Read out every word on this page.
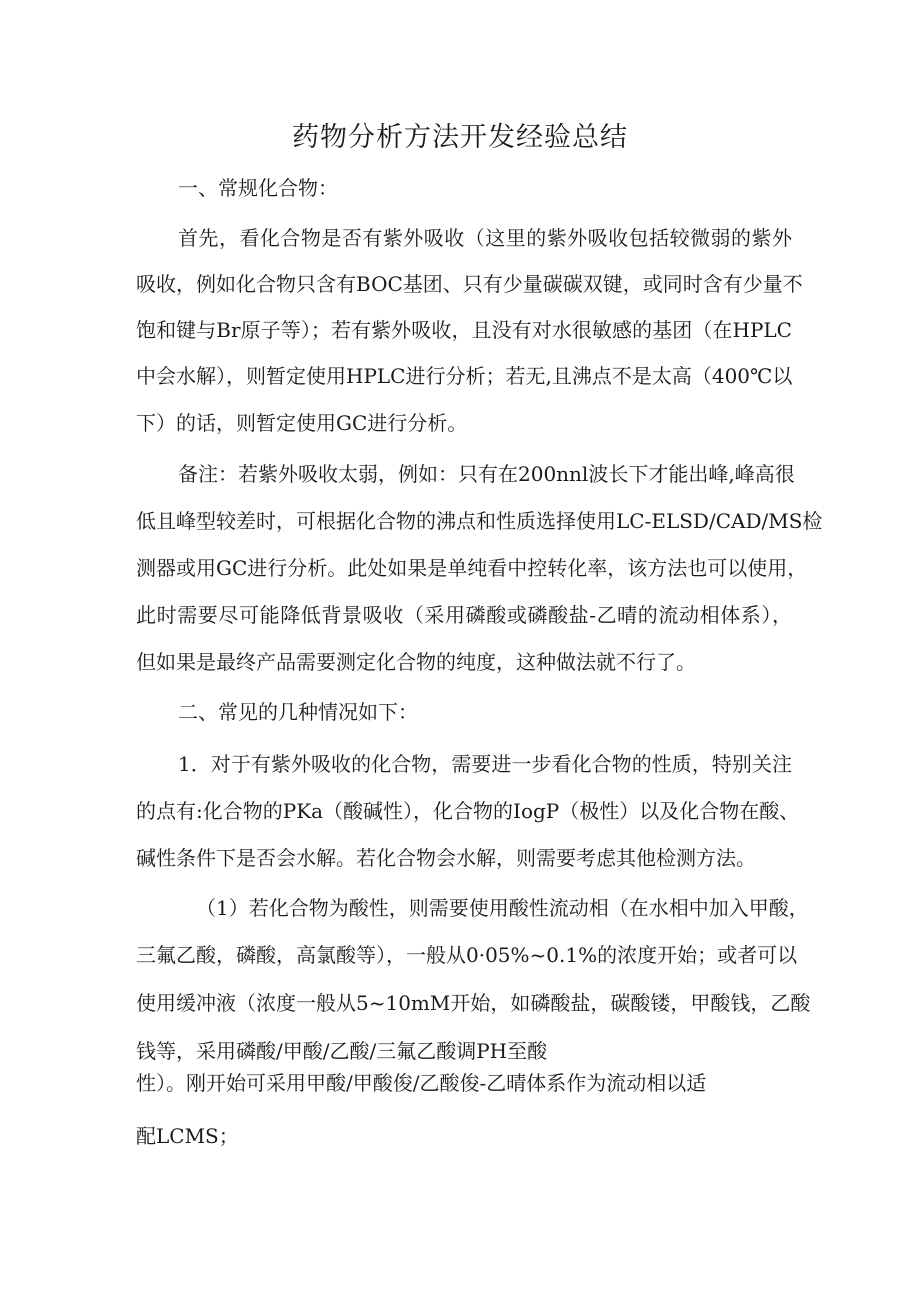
药物分析方法开发经验总结

一、常规化合物：

首先，看化合物是否有紫外吸收（这里的紫外吸收包括较微弱的紫外

吸收，例如化合物只含有BOC基团、只有少量碳碳双键，或同时含有少量不

饱和键与Br原子等）；若有紫外吸收，且没有对水很敏感的基团（在HPLC

中会水解），则暂定使用HPLC进行分析；若无,且沸点不是太高（400℃以

下）的话，则暂定使用GC进行分析。

备注：若紫外吸收太弱，例如：只有在200nnl波长下才能出峰,峰高很

低且峰型较差时，可根据化合物的沸点和性质选择使用LC-ELSD/CAD/MS检

测器或用GC进行分析。此处如果是单纯看中控转化率，该方法也可以使用，

此时需要尽可能降低背景吸收（采用磷酸或磷酸盐-乙晴的流动相体系），

但如果是最终产品需要测定化合物的纯度，这种做法就不行了。

二、常见的几种情况如下：

1．对于有紫外吸收的化合物，需要进一步看化合物的性质，特别关注

的点有:化合物的PKa（酸碱性），化合物的IogP（极性）以及化合物在酸、

碱性条件下是否会水解。若化合物会水解，则需要考虑其他检测方法。

（1）若化合物为酸性，则需要使用酸性流动相（在水相中加入甲酸，

三氟乙酸，磷酸，高氯酸等），一般从0·05%~0.1%的浓度开始；或者可以

使用缓冲液（浓度一般从5~10mM开始，如磷酸盐，碳酸镂，甲酸钱，乙酸

钱等，采用磷酸/甲酸/乙酸/三氟乙酸调PH至酸

性）。刚开始可采用甲酸/甲酸俊/乙酸俊-乙晴体系作为流动相以适

配LCMS；
